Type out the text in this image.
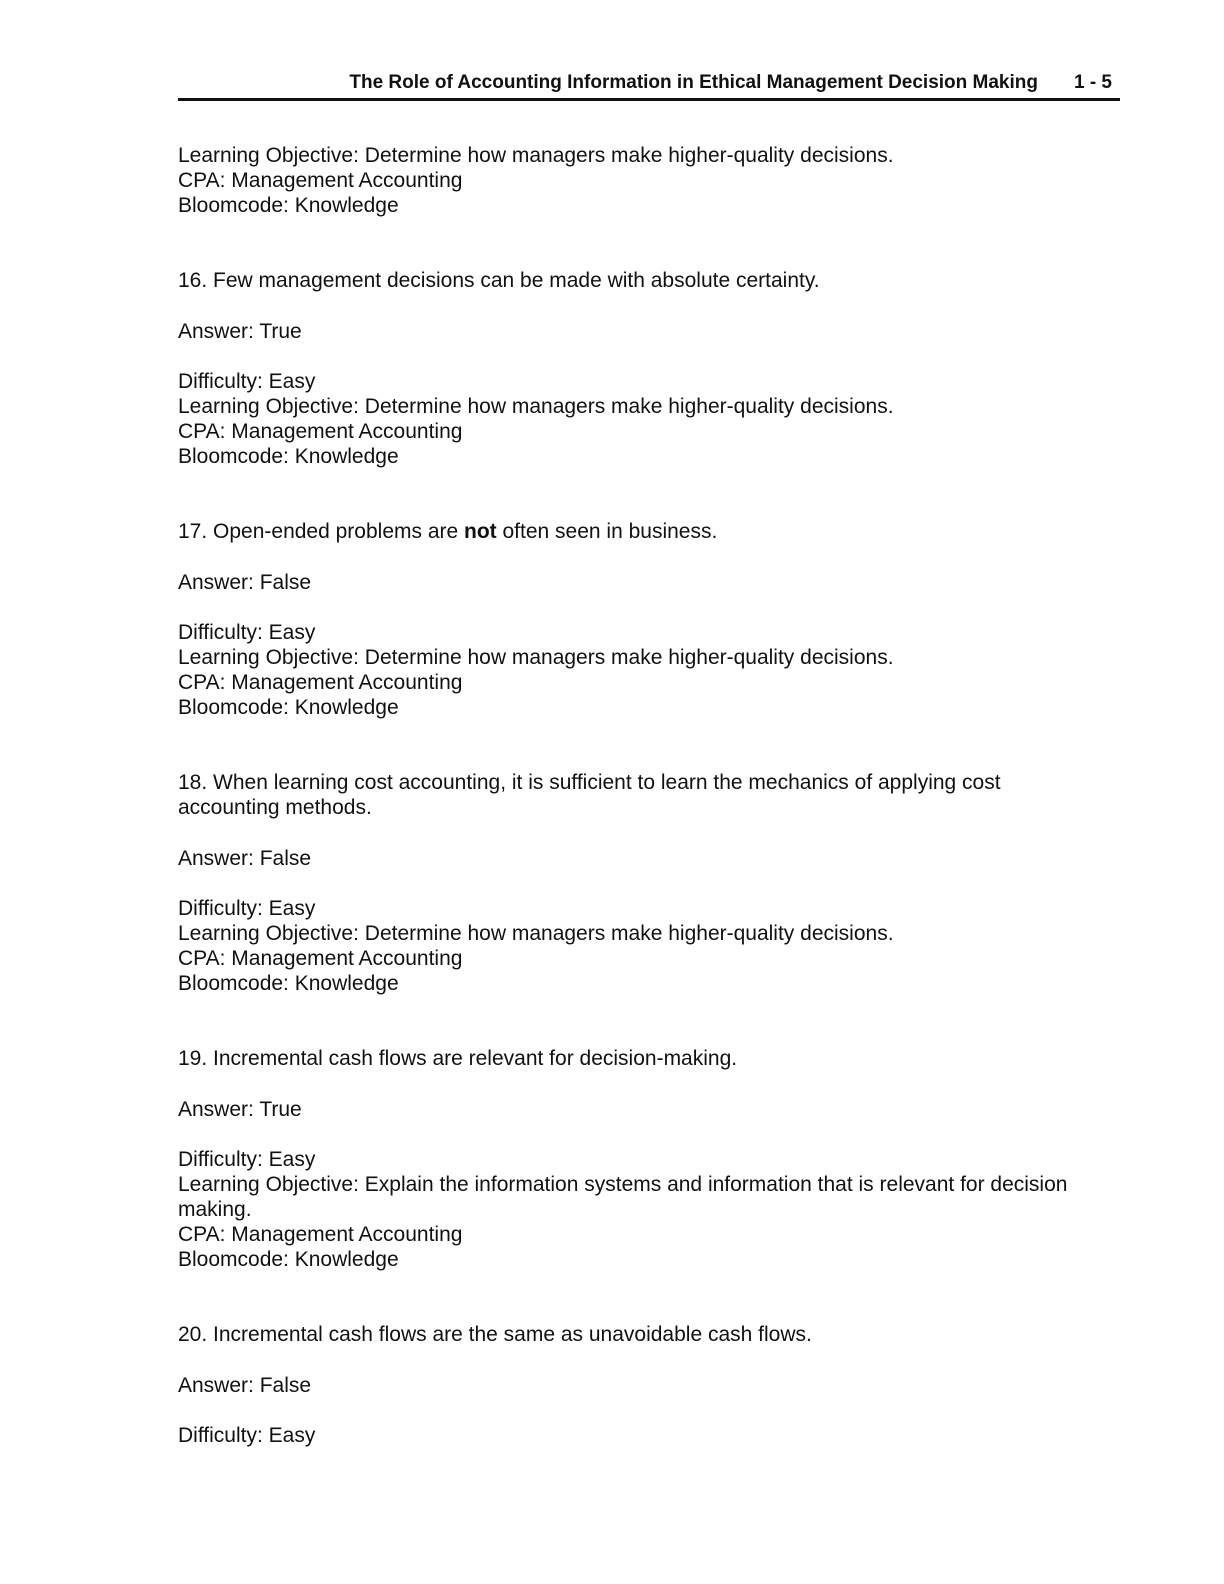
The Role of Accounting Information in Ethical Management Decision Making 1 - 5
Learning Objective: Determine how managers make higher-quality decisions.
CPA: Management Accounting
Bloomcode: Knowledge
16. Few management decisions can be made with absolute certainty.
Answer: True
Difficulty: Easy
Learning Objective: Determine how managers make higher-quality decisions.
CPA: Management Accounting
Bloomcode: Knowledge
17. Open-ended problems are not often seen in business.
Answer: False
Difficulty: Easy
Learning Objective: Determine how managers make higher-quality decisions.
CPA: Management Accounting
Bloomcode: Knowledge
18. When learning cost accounting, it is sufficient to learn the mechanics of applying cost accounting methods.
Answer: False
Difficulty: Easy
Learning Objective: Determine how managers make higher-quality decisions.
CPA: Management Accounting
Bloomcode: Knowledge
19. Incremental cash flows are relevant for decision-making.
Answer: True
Difficulty: Easy
Learning Objective: Explain the information systems and information that is relevant for decision making.
CPA: Management Accounting
Bloomcode: Knowledge
20. Incremental cash flows are the same as unavoidable cash flows.
Answer: False
Difficulty: Easy
